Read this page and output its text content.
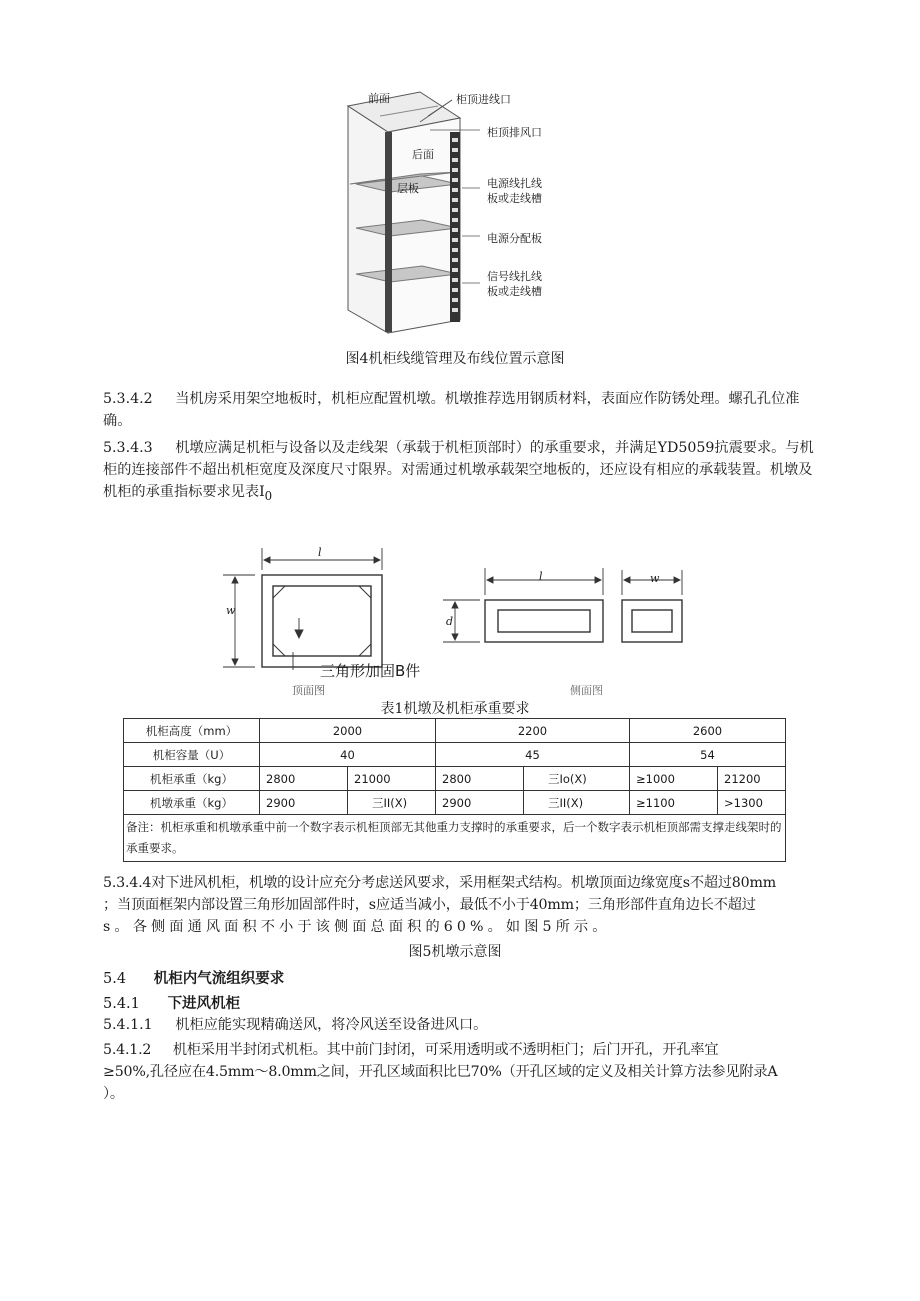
前面	柜顶进线口
柜顶排风口
后面
层板	电源线扎线
板或走线槽
电源分配板
信号线扎线
板或走线槽
图4机柜线缆管理及布线位置示意图
5.3.4.2 当机房采用架空地板时，机柜应配置机墩。机墩推荐选用钢质材料，表面应作防锈处理。螺孔孔位准确。
5.3.4.3 机墩应满足机柜与设备以及走线架（承载于机柜顶部时）的承重要求，并满足YD5059抗震要求。与机柜的连接部件不超出机柜宽度及深度尺寸限界。对需通过机墩承载架空地板的，还应设有相应的承载装置。机墩及机柜的承重指标要求见表$I_0$
l
w
d
l	w
三角形加固B件
顶面图	侧面图
表1机墩及机柜承重要求
机柜高度（mm）	2000		2200		2600	
机柜容量（U）	40		45		54	
机柜承重（kg）	2800	21000	2800	三Io(X)	≥1000	21200
机墩承重（kg）	2900	三II(X)	2900	三II(X)	≥1100	>1300
备注：机柜承重和机墩承重中前一个数字表示机柜顶部无其他重力支撑时的承重要求，后一个数字表示机柜顶部需支撑走线架时的承重要求。						
5.3.4.4对下进风机柜，机墩的设计应充分考虑送风要求，采用框架式结构。机墩顶面边缘宽度s不超过80mm
；当顶面框架内部设置三角形加固部件时，s应适当减小，最低不小于40mm；三角形部件直角边长不超过
s 。 各 侧 面 通 风 面 积 不 小 于 该 侧 面 总 面 积 的 6 0 % 。 如 图 5 所 示 。
图5机墩示意图
5.4 机柜内气流组织要求
5.4.1 下进风机柜
5.4.1.1 机柜应能实现精确送风，将冷风送至设备进风口。
5.4.1.2 机柜采用半封闭式机柜。其中前门封闭，可采用透明或不透明柜门；后门开孔，开孔率宜
≥50%,孔径应在4.5mm～8.0mm之间，开孔区域面积比巳70%（开孔区域的定义及相关计算方法参见附录A
）。
